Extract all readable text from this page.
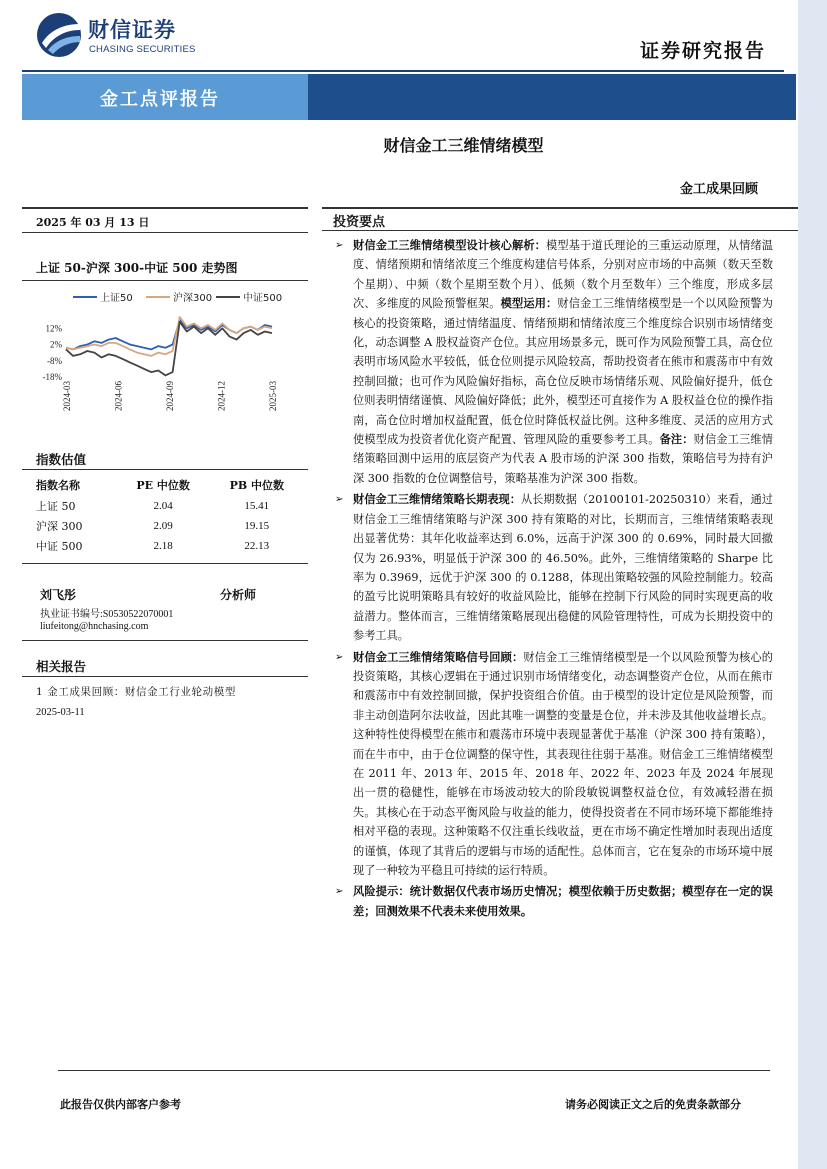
财信证券
CHASING SECURITIES	证券研究报告
金工点评报告
财信金工三维情绪模型
金工成果回顾
2025 年 03 月 13 日
上证 50-沪深 300-中证 500 走势图
上证50	沪深300	中证500
12%
2%
-8%
-18%
2024-03	2024-06	2024-09	2024-12	2025-03
指数估值
指数名称	PE 中位数	PB 中位数
上证 50	2.04	15.41
沪深 300	2.09	19.15
中证 500	2.18	22.13
刘飞彤	分析师
执业证书编号:S0530522070001
liufeitong@hnchasing.com
相关报告
1 金工成果回顾：财信金工行业轮动模型
2025-03-11
投资要点
➢ 财信金工三维情绪模型设计核心解析：模型基于道氏理论的三重运动原理，从情绪温度、情绪预期和情绪浓度三个维度构建信号体系，分别对应市场的中高频（数天至数个星期）、中频（数个星期至数个月）、低频（数个月至数年）三个维度，形成多层次、多维度的风险预警框架。模型运用：财信金工三维情绪模型是一个以风险预警为核心的投资策略，通过情绪温度、情绪预期和情绪浓度三个维度综合识别市场情绪变化，动态调整 A 股权益资产仓位。其应用场景多元，既可作为风险预警工具，高仓位表明市场风险水平较低，低仓位则提示风险较高，帮助投资者在熊市和震荡市中有效控制回撤；也可作为风险偏好指标，高仓位反映市场情绪乐观、风险偏好提升，低仓位则表明情绪谨慎、风险偏好降低；此外，模型还可直接作为 A 股权益仓位的操作指南，高仓位时增加权益配置，低仓位时降低权益比例。这种多维度、灵活的应用方式使模型成为投资者优化资产配置、管理风险的重要参考工具。备注：财信金工三维情绪策略回测中运用的底层资产为代表 A 股市场的沪深 300 指数，策略信号为持有沪深 300 指数的仓位调整信号，策略基准为沪深 300 指数。
➢ 财信金工三维情绪策略长期表现：从长期数据（20100101-20250310）来看，通过财信金工三维情绪策略与沪深 300 持有策略的对比，长期而言，三维情绪策略表现出显著优势：其年化收益率达到 6.0%，远高于沪深 300 的 0.69%，同时最大回撤仅为 26.93%，明显低于沪深 300 的 46.50%。此外，三维情绪策略的 Sharpe 比率为 0.3969，远优于沪深 300 的 0.1288，体现出策略较强的风险控制能力。较高的盈亏比说明策略具有较好的收益风险比，能够在控制下行风险的同时实现更高的收益潜力。整体而言，三维情绪策略展现出稳健的风险管理特性，可成为长期投资中的参考工具。
➢ 财信金工三维情绪策略信号回顾：财信金工三维情绪模型是一个以风险预警为核心的投资策略，其核心逻辑在于通过识别市场情绪变化，动态调整资产仓位，从而在熊市和震荡市中有效控制回撤，保护投资组合价值。由于模型的设计定位是风险预警，而非主动创造阿尔法收益，因此其唯一调整的变量是仓位，并未涉及其他收益增长点。这种特性使得模型在熊市和震荡市环境中表现显著优于基准（沪深 300 持有策略），而在牛市中，由于仓位调整的保守性，其表现往往弱于基准。财信金工三维情绪模型在 2011 年、2013 年、2015 年、2018 年、2022 年、2023 年及 2024 年展现出一贯的稳健性，能够在市场波动较大的阶段敏锐调整权益仓位，有效减轻潜在损失。其核心在于动态平衡风险与收益的能力，使得投资者在不同市场环境下都能维持相对平稳的表现。这种策略不仅注重长线收益，更在市场不确定性增加时表现出适度的谨慎，体现了其背后的逻辑与市场的适配性。总体而言，它在复杂的市场环境中展现了一种较为平稳且可持续的运行特质。
➢ 风险提示：统计数据仅代表市场历史情况；模型依赖于历史数据；模型存在一定的误差；回测效果不代表未来使用效果。
此报告仅供内部客户参考	请务必阅读正文之后的免责条款部分
